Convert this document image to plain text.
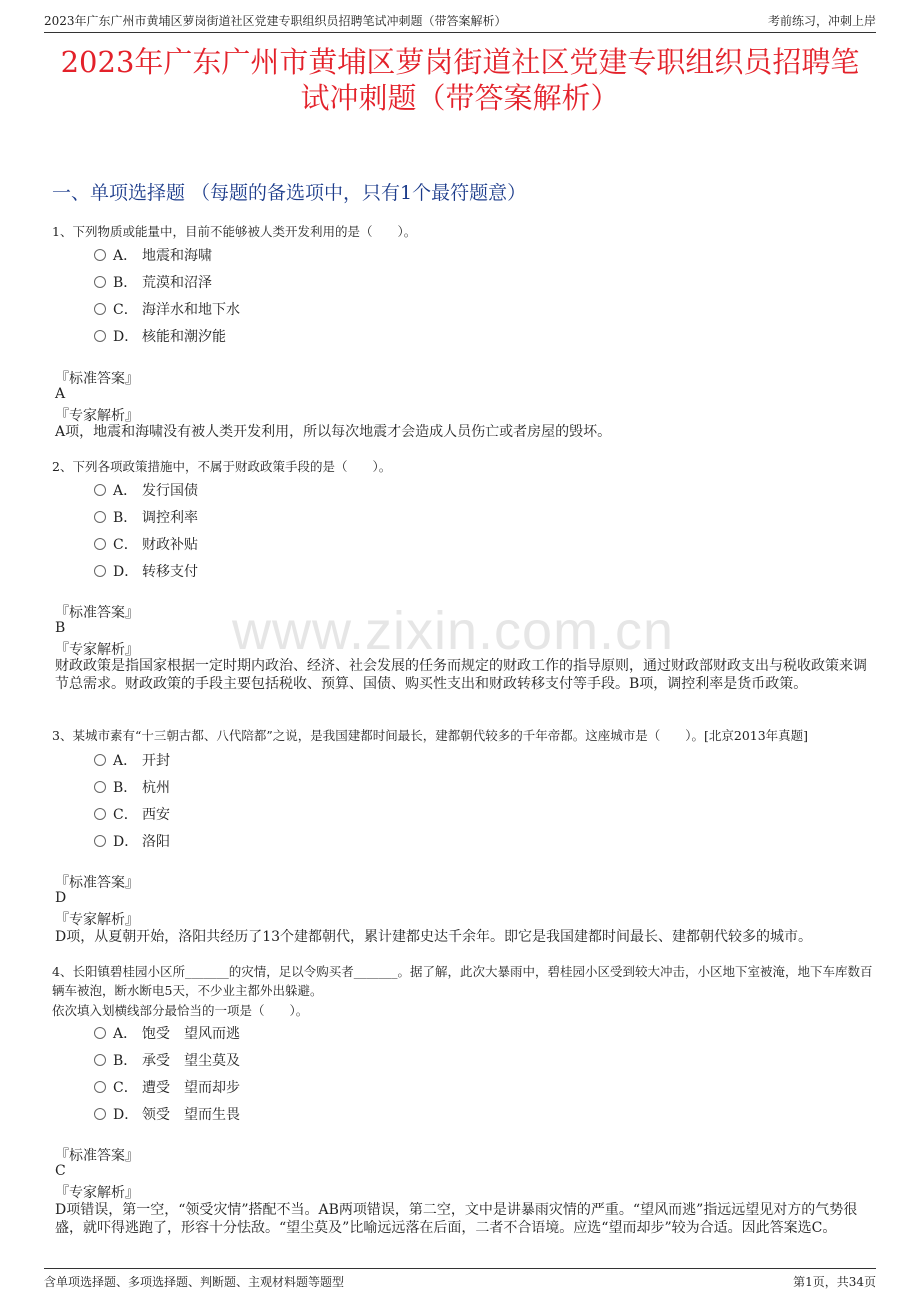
2023年广东广州市黄埔区萝岗街道社区党建专职组织员招聘笔试冲刺题（带答案解析）	考前练习，冲刺上岸
2023年广东广州市黄埔区萝岗街道社区党建专职组织员招聘笔
试冲刺题（带答案解析）
一、单项选择题 （每题的备选项中，只有1个最符题意）
www.zixin.com.cn
1、下列物质或能量中，目前不能够被人类开发利用的是（　　）。
A． 地震和海啸
B． 荒漠和沼泽
C． 海洋水和地下水
D． 核能和潮汐能
『标准答案』
A
『专家解析』
A项，地震和海啸没有被人类开发利用，所以每次地震才会造成人员伤亡或者房屋的毁坏。
2、下列各项政策措施中，不属于财政政策手段的是（　　）。
A． 发行国债
B． 调控利率
C． 财政补贴
D． 转移支付
『标准答案』
B
『专家解析』
财政政策是指国家根据一定时期内政治、经济、社会发展的任务而规定的财政工作的指导原则，通过财政部财政支出与税收政策来调节总需求。财政政策的手段主要包括税收、预算、国债、购买性支出和财政转移支付等手段。B项，调控利率是货币政策。
3、某城市素有“十三朝古都、八代陪都”之说，是我国建都时间最长，建都朝代较多的千年帝都。这座城市是（　　）。[北京2013年真题]
A． 开封
B． 杭州
C． 西安
D． 洛阳
『标准答案』
D
『专家解析』
D项，从夏朝开始，洛阳共经历了13个建都朝代，累计建都史达千余年。即它是我国建都时间最长、建都朝代较多的城市。
4、长阳镇碧桂园小区所_______的灾情，足以令购买者_______。据了解，此次大暴雨中，碧桂园小区受到较大冲击，小区地下室被淹，地下车库数百辆车被泡，断水断电5天，不少业主都外出躲避。
依次填入划横线部分最恰当的一项是（　　）。
A． 饱受　望风而逃
B． 承受　望尘莫及
C． 遭受　望而却步
D． 领受　望而生畏
『标准答案』
C
『专家解析』
D项错误，第一空，“领受灾情”搭配不当。AB两项错误，第二空，文中是讲暴雨灾情的严重。“望风而逃”指远远望见对方的气势很盛，就吓得逃跑了，形容十分怯敌。“望尘莫及”比喻远远落在后面，二者不合语境。应选“望而却步”较为合适。因此答案选C。
含单项选择题、多项选择题、判断题、主观材料题等题型	第1页，共34页
